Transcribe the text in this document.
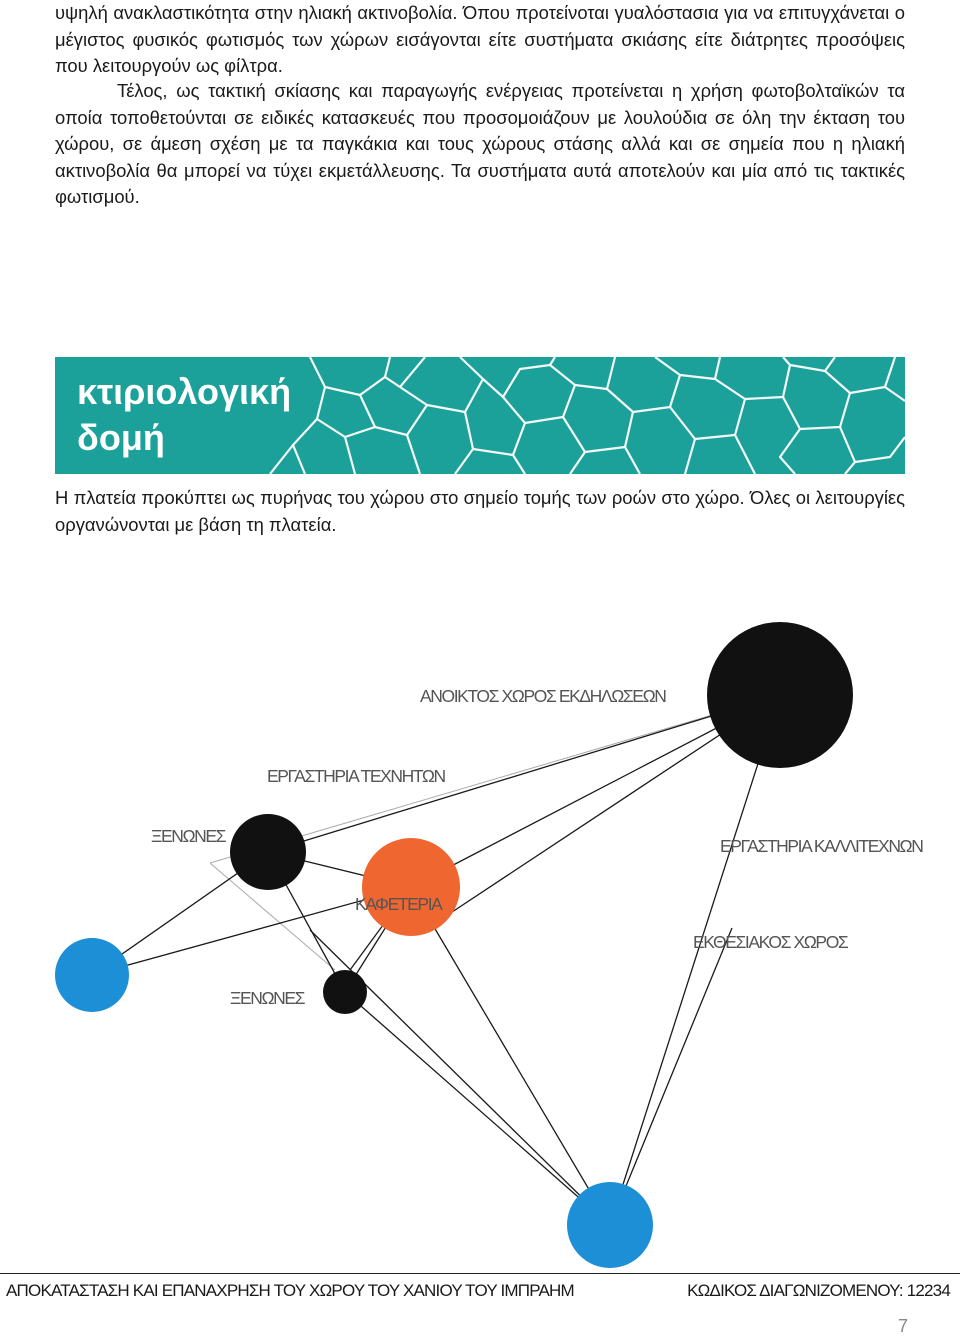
υψηλή ανακλαστικότητα στην ηλιακή ακτινοβολία. Όπου προτείνοται γυαλόστασια για να επιτυγχάνεται ο μέγιστος φυσικός φωτισμός των χώρων εισάγονται είτε συστήματα σκιάσης είτε διάτρητες προσόψεις που λειτουργούν ως φίλτρα.

Τέλος, ως τακτική σκίασης και παραγωγής ενέργειας προτείνεται η χρήση φωτοβολταϊκών τα οποία τοποθετούνται σε ειδικές κατασκευές που προσομοιάζουν με λουλούδια σε όλη την έκταση του χώρου, σε άμεση σχέση με τα παγκάκια και τους χώρους στάσης αλλά και σε σημεία που η ηλιακή ακτινοβολία θα μπορεί να τύχει εκμετάλλευσης. Τα συστήματα αυτά αποτελούν και μία από τις τακτικές φωτισμού.

κτιριολογική
δομή

Η πλατεία προκύπτει ως πυρήνας του χώρου στο σημείο τομής των ροών στο χώρο. Όλες οι λειτουργίες οργανώνονται με βάση τη πλατεία.

ΑΝΟΙΚΤΟΣ ΧΩΡΟΣ ΕΚΔΗΛΩΣΕΩΝ
ΕΡΓΑΣΤΗΡΙΑ ΤΕΧΝΗΤΩΝ
ΞΕΝΩΝΕΣ	ΕΡΓΑΣΤΗΡΙΑ ΚΑΛΛΙΤΕΧΝΩΝ
ΚΑΦΕΤΕΡΙΑ
ΕΚΘΕΣΙΑΚΟΣ ΧΩΡΟΣ
ΞΕΝΩΝΕΣ
ΑΠΟΚΑΤΑΣΤΑΣΗ ΚΑΙ ΕΠΑΝΑΧΡΗΣΗ ΤΟΥ ΧΩΡΟΥ ΤΟΥ ΧΑΝΙΟΥ ΤΟΥ ΙΜΠΡΑΗΜ	ΚΩΔΙΚΟΣ ΔΙΑΓΩΝΙΖΟΜΕΝΟΥ: 12234
7
